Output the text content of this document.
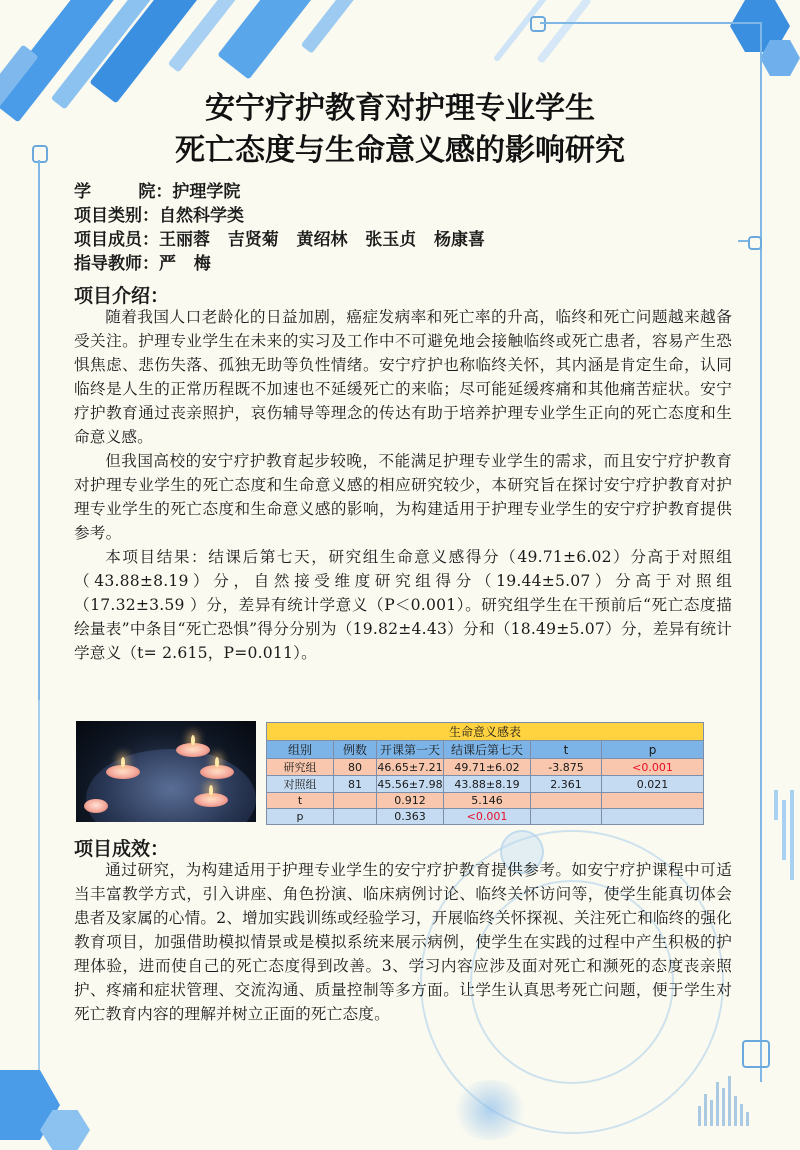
安宁疗护教育对护理专业学生
死亡态度与生命意义感的影响研究
学        院：护理学院
项目类别：自然科学类
项目成员：王丽蓉   吉贤菊   黄绍林   张玉贞   杨康喜
指导教师：严   梅
项目介绍：

随着我国人口老龄化的日益加剧，癌症发病率和死亡率的升高，临终和死亡问题越来越备受关注。护理专业学生在未来的实习及工作中不可避免地会接触临终或死亡患者，容易产生恐惧焦虑、悲伤失落、孤独无助等负性情绪。安宁疗护也称临终关怀，其内涵是肯定生命，认同临终是人生的正常历程既不加速也不延缓死亡的来临；尽可能延缓疼痛和其他痛苦症状。安宁疗护教育通过丧亲照护，哀伤辅导等理念的传达有助于培养护理专业学生正向的死亡态度和生命意义感。

但我国高校的安宁疗护教育起步较晚，不能满足护理专业学生的需求，而且安宁疗护教育对护理专业学生的死亡态度和生命意义感的相应研究较少，本研究旨在探讨安宁疗护教育对护理专业学生的死亡态度和生命意义感的影响，为构建适用于护理专业学生的安宁疗护教育提供参考。

本项目结果：结课后第七天，研究组生命意义感得分（49.71±6.02）分高于对照组（43.88±8.19）分，自然接受维度研究组得分（19.44±5.07）分高于对照组（17.32±3.59 ）分，差异有统计学意义（P＜0.001）。研究组学生在干预前后“死亡态度描绘量表”中条目“死亡恐惧”得分分别为（19.82±4.43）分和（18.49±5.07）分，差异有统计学意义（t= 2.615，P=0.011）。

生命意义感表					
组别	例数	开课第一天	结课后第七天	t	p
研究组	80	46.65±7.21	49.71±6.02	-3.875	<0.001
对照组	81	45.56±7.98	43.88±8.19	2.361	0.021
t		0.912	5.146		
p		0.363	<0.001		
项目成效：

通过研究，为构建适用于护理专业学生的安宁疗护教育提供参考。如安宁疗护课程中可适当丰富教学方式，引入讲座、角色扮演、临床病例讨论、临终关怀访问等，使学生能真切体会患者及家属的心情。2、增加实践训练或经验学习，开展临终关怀探视、关注死亡和临终的强化教育项目，加强借助模拟情景或是模拟系统来展示病例，使学生在实践的过程中产生积极的护理体验，进而使自己的死亡态度得到改善。3、学习内容应涉及面对死亡和濒死的态度丧亲照护、疼痛和症状管理、交流沟通、质量控制等多方面。让学生认真思考死亡问题，便于学生对死亡教育内容的理解并树立正面的死亡态度。
